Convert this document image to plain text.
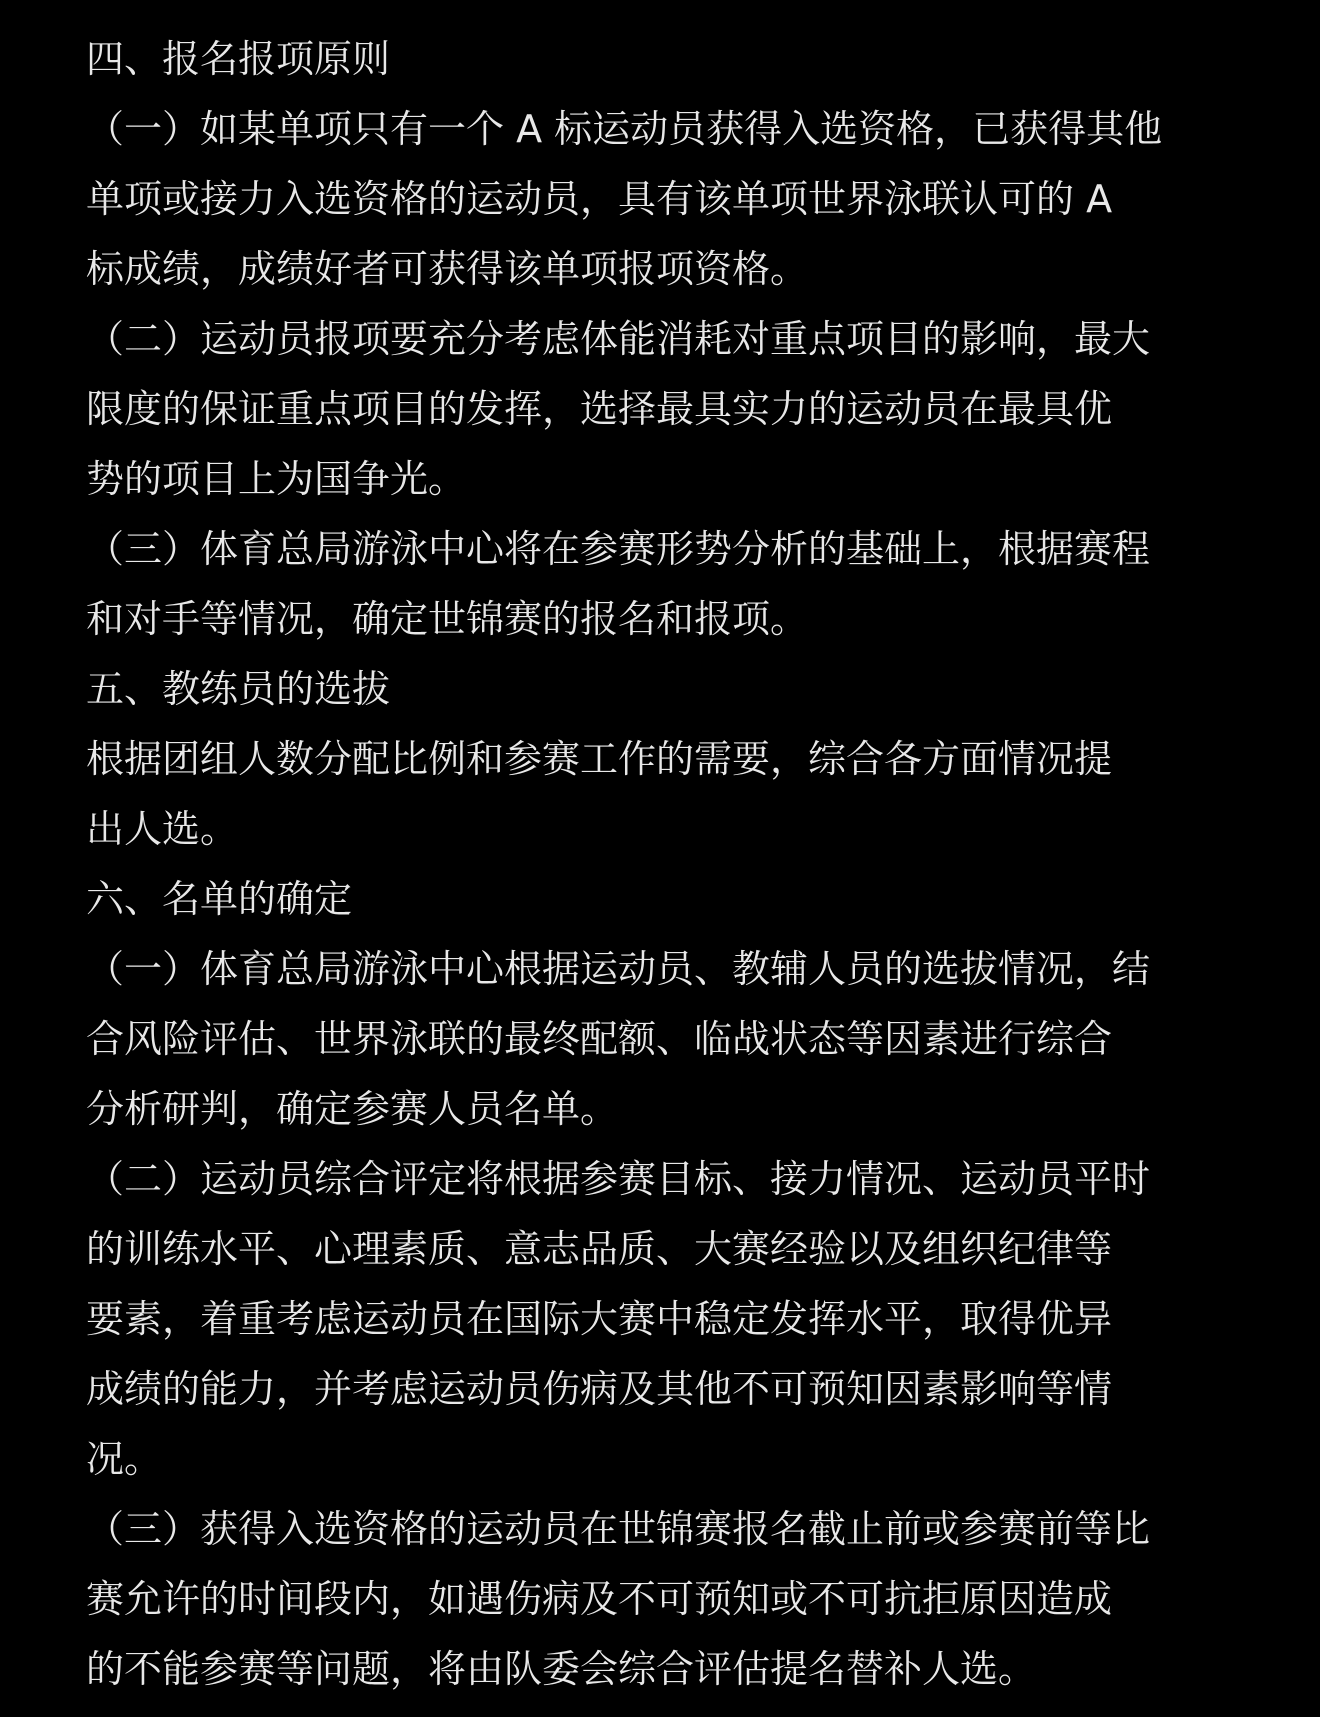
四、报名报项原则
（一）如某单项只有一个 A 标运动员获得入选资格，已获得其他
单项或接力入选资格的运动员，具有该单项世界泳联认可的 A
标成绩，成绩好者可获得该单项报项资格。
（二）运动员报项要充分考虑体能消耗对重点项目的影响，最大
限度的保证重点项目的发挥，选择最具实力的运动员在最具优
势的项目上为国争光。
（三）体育总局游泳中心将在参赛形势分析的基础上，根据赛程
和对手等情况，确定世锦赛的报名和报项。
五、教练员的选拔
根据团组人数分配比例和参赛工作的需要，综合各方面情况提
出人选。
六、名单的确定
（一）体育总局游泳中心根据运动员、教辅人员的选拔情况，结
合风险评估、世界泳联的最终配额、临战状态等因素进行综合
分析研判，确定参赛人员名单。
（二）运动员综合评定将根据参赛目标、接力情况、运动员平时
的训练水平、心理素质、意志品质、大赛经验以及组织纪律等
要素，着重考虑运动员在国际大赛中稳定发挥水平，取得优异
成绩的能力，并考虑运动员伤病及其他不可预知因素影响等情
况。
（三）获得入选资格的运动员在世锦赛报名截止前或参赛前等比
赛允许的时间段内，如遇伤病及不可预知或不可抗拒原因造成
的不能参赛等问题，将由队委会综合评估提名替补人选。
